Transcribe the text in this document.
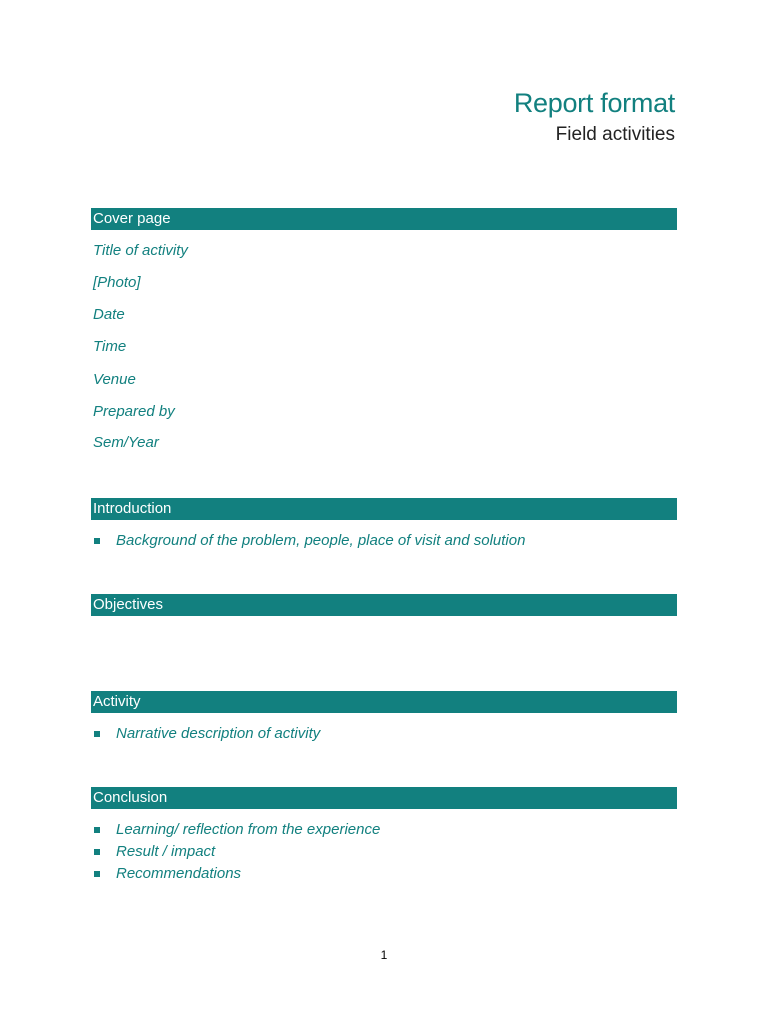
Report format
Field activities
Cover page
Title of activity
[Photo]
Date
Time
Venue
Prepared by
Sem/Year
Introduction
Background of the problem, people, place of visit and solution
Objectives
Activity
Narrative description of activity
Conclusion
Learning/ reflection from the experience
Result / impact
Recommendations
1
